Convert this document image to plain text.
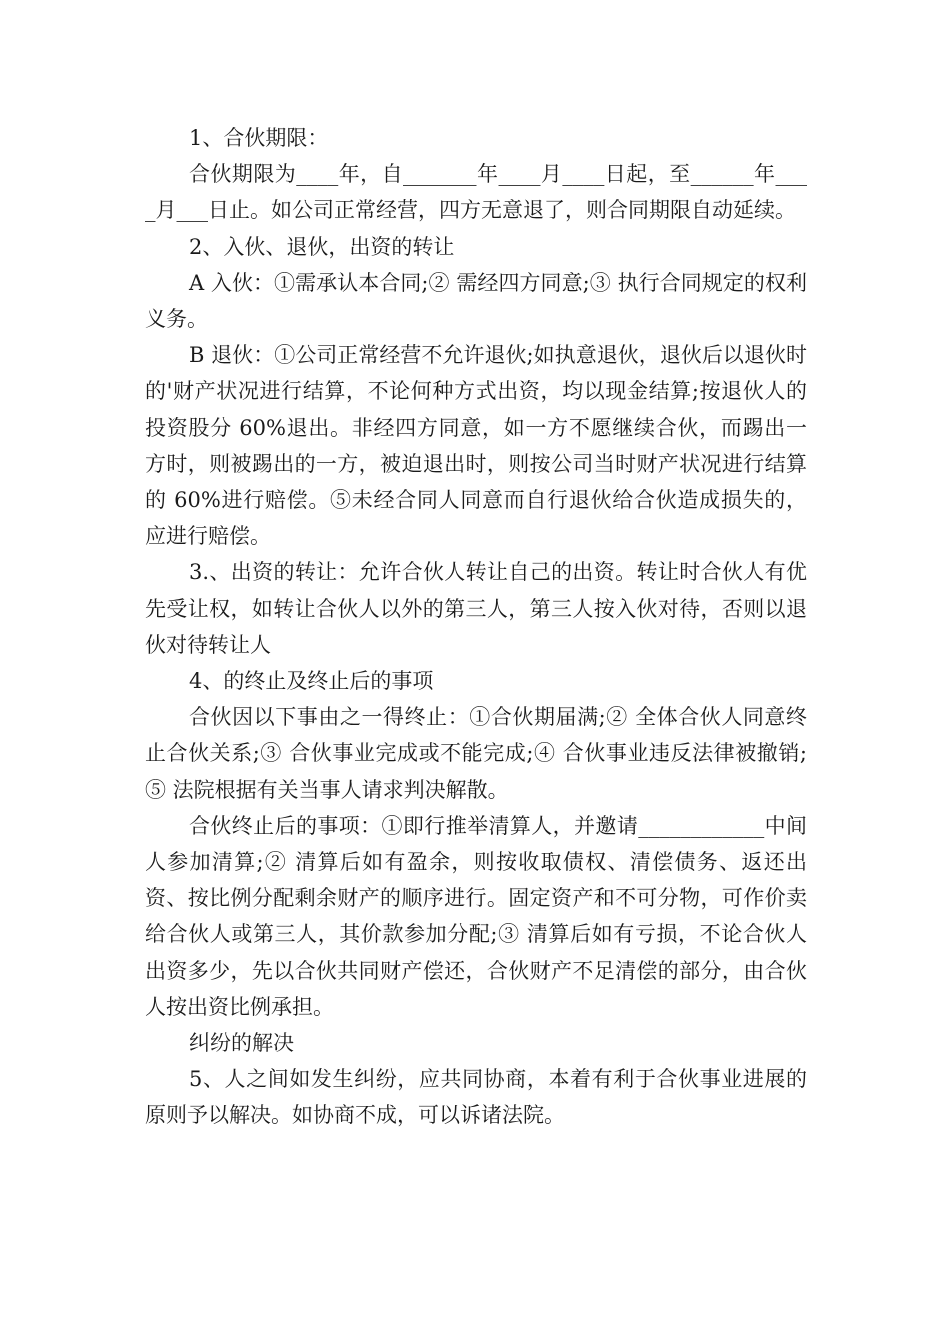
1、合伙期限：

合伙期限为____年，自_______年____月____日起，至______年____月___日止。如公司正常经营，四方无意退了，则合同期限自动延续。

2、入伙、退伙，出资的转让

A 入伙：①需承认本合同;② 需经四方同意;③ 执行合同规定的权利义务。

B 退伙：①公司正常经营不允许退伙;如执意退伙，退伙后以退伙时的'财产状况进行结算，不论何种方式出资，均以现金结算;按退伙人的投资股分 60%退出。非经四方同意，如一方不愿继续合伙，而踢出一方时，则被踢出的一方，被迫退出时，则按公司当时财产状况进行结算的 60%进行赔偿。⑤未经合同人同意而自行退伙给合伙造成损失的，应进行赔偿。

3.、出资的转让：允许合伙人转让自己的出资。转让时合伙人有优先受让权，如转让合伙人以外的第三人，第三人按入伙对待，否则以退伙对待转让人

4、的终止及终止后的事项

合伙因以下事由之一得终止：①合伙期届满;② 全体合伙人同意终止合伙关系;③ 合伙事业完成或不能完成;④ 合伙事业违反法律被撤销;⑤ 法院根据有关当事人请求判决解散。

合伙终止后的事项：①即行推举清算人，并邀请____________中间人参加清算;② 清算后如有盈余，则按收取债权、清偿债务、返还出资、按比例分配剩余财产的顺序进行。固定资产和不可分物，可作价卖给合伙人或第三人，其价款参加分配;③ 清算后如有亏损，不论合伙人出资多少，先以合伙共同财产偿还，合伙财产不足清偿的部分，由合伙人按出资比例承担。

纠纷的解决

5、人之间如发生纠纷，应共同协商，本着有利于合伙事业进展的原则予以解决。如协商不成，可以诉诸法院。
